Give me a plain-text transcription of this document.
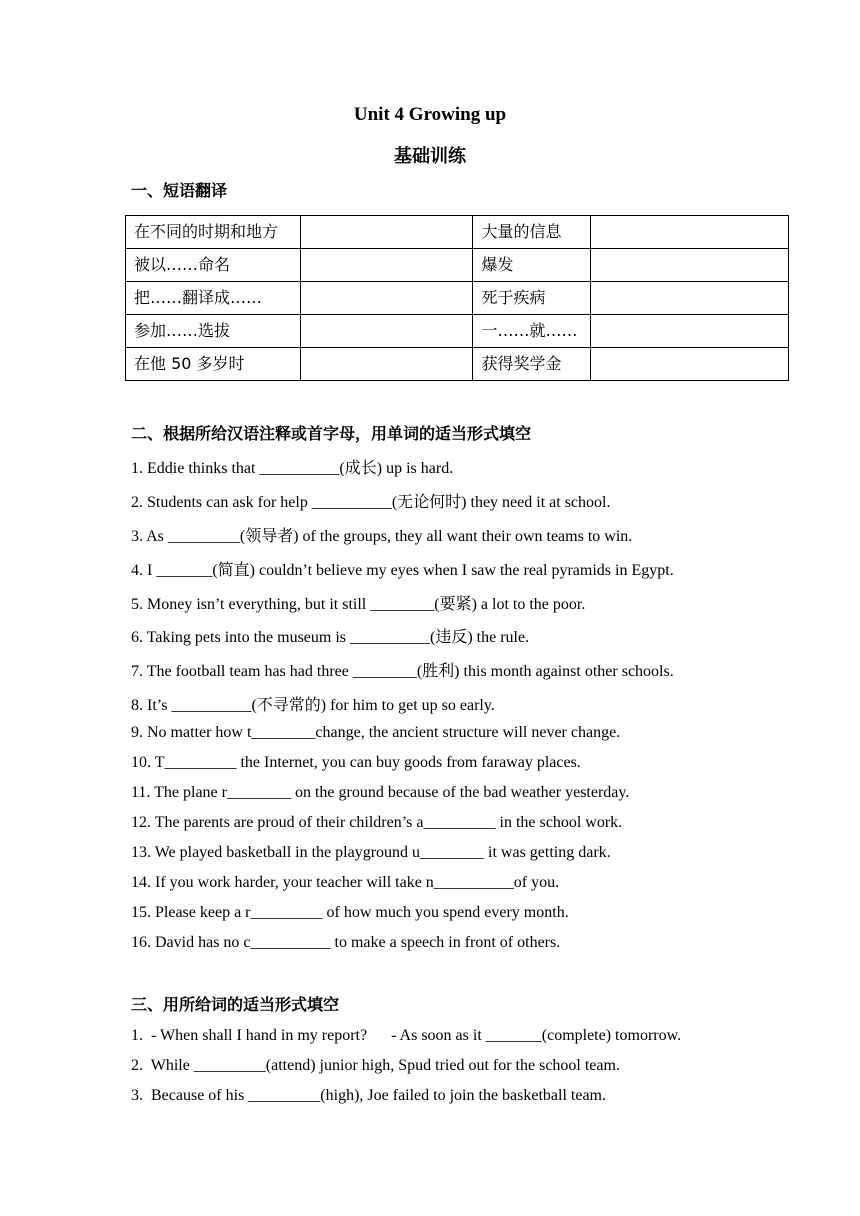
Unit 4 Growing up
基础训练
一、短语翻译
在不同的时期和地方		大量的信息	
被以……命名		爆发	
把……翻译成……		死于疾病	
参加……选拔		一……就……	
在他 50 多岁时		获得奖学金	
二、根据所给汉语注释或首字母，用单词的适当形式填空
1. Eddie thinks that __________(成长) up is hard.
2. Students can ask for help __________(无论何时) they need it at school.
3. As _________(领导者) of the groups, they all want their own teams to win.
4. I _______(简直) couldn’t believe my eyes when I saw the real pyramids in Egypt.
5. Money isn’t everything, but it still ________(要紧) a lot to the poor.
6. Taking pets into the museum is __________(违反) the rule.
7. The football team has had three ________(胜利) this month against other schools.
8. It’s __________(不寻常的) for him to get up so early.
9. No matter how t________change, the ancient structure will never change.
10. T_________ the Internet, you can buy goods from faraway places.
11. The plane r________ on the ground because of the bad weather yesterday.
12. The parents are proud of their children’s a_________ in the school work.
13. We played basketball in the playground u________ it was getting dark.
14. If you work harder, your teacher will take n__________of you.
15. Please keep a r_________ of how much you spend every month.
16. David has no c__________ to make a speech in front of others.
三、用所给词的适当形式填空
1.  - When shall I hand in my report?      - As soon as it _______(complete) tomorrow.
2.  While _________(attend) junior high, Spud tried out for the school team.
3.  Because of his _________(high), Joe failed to join the basketball team.
